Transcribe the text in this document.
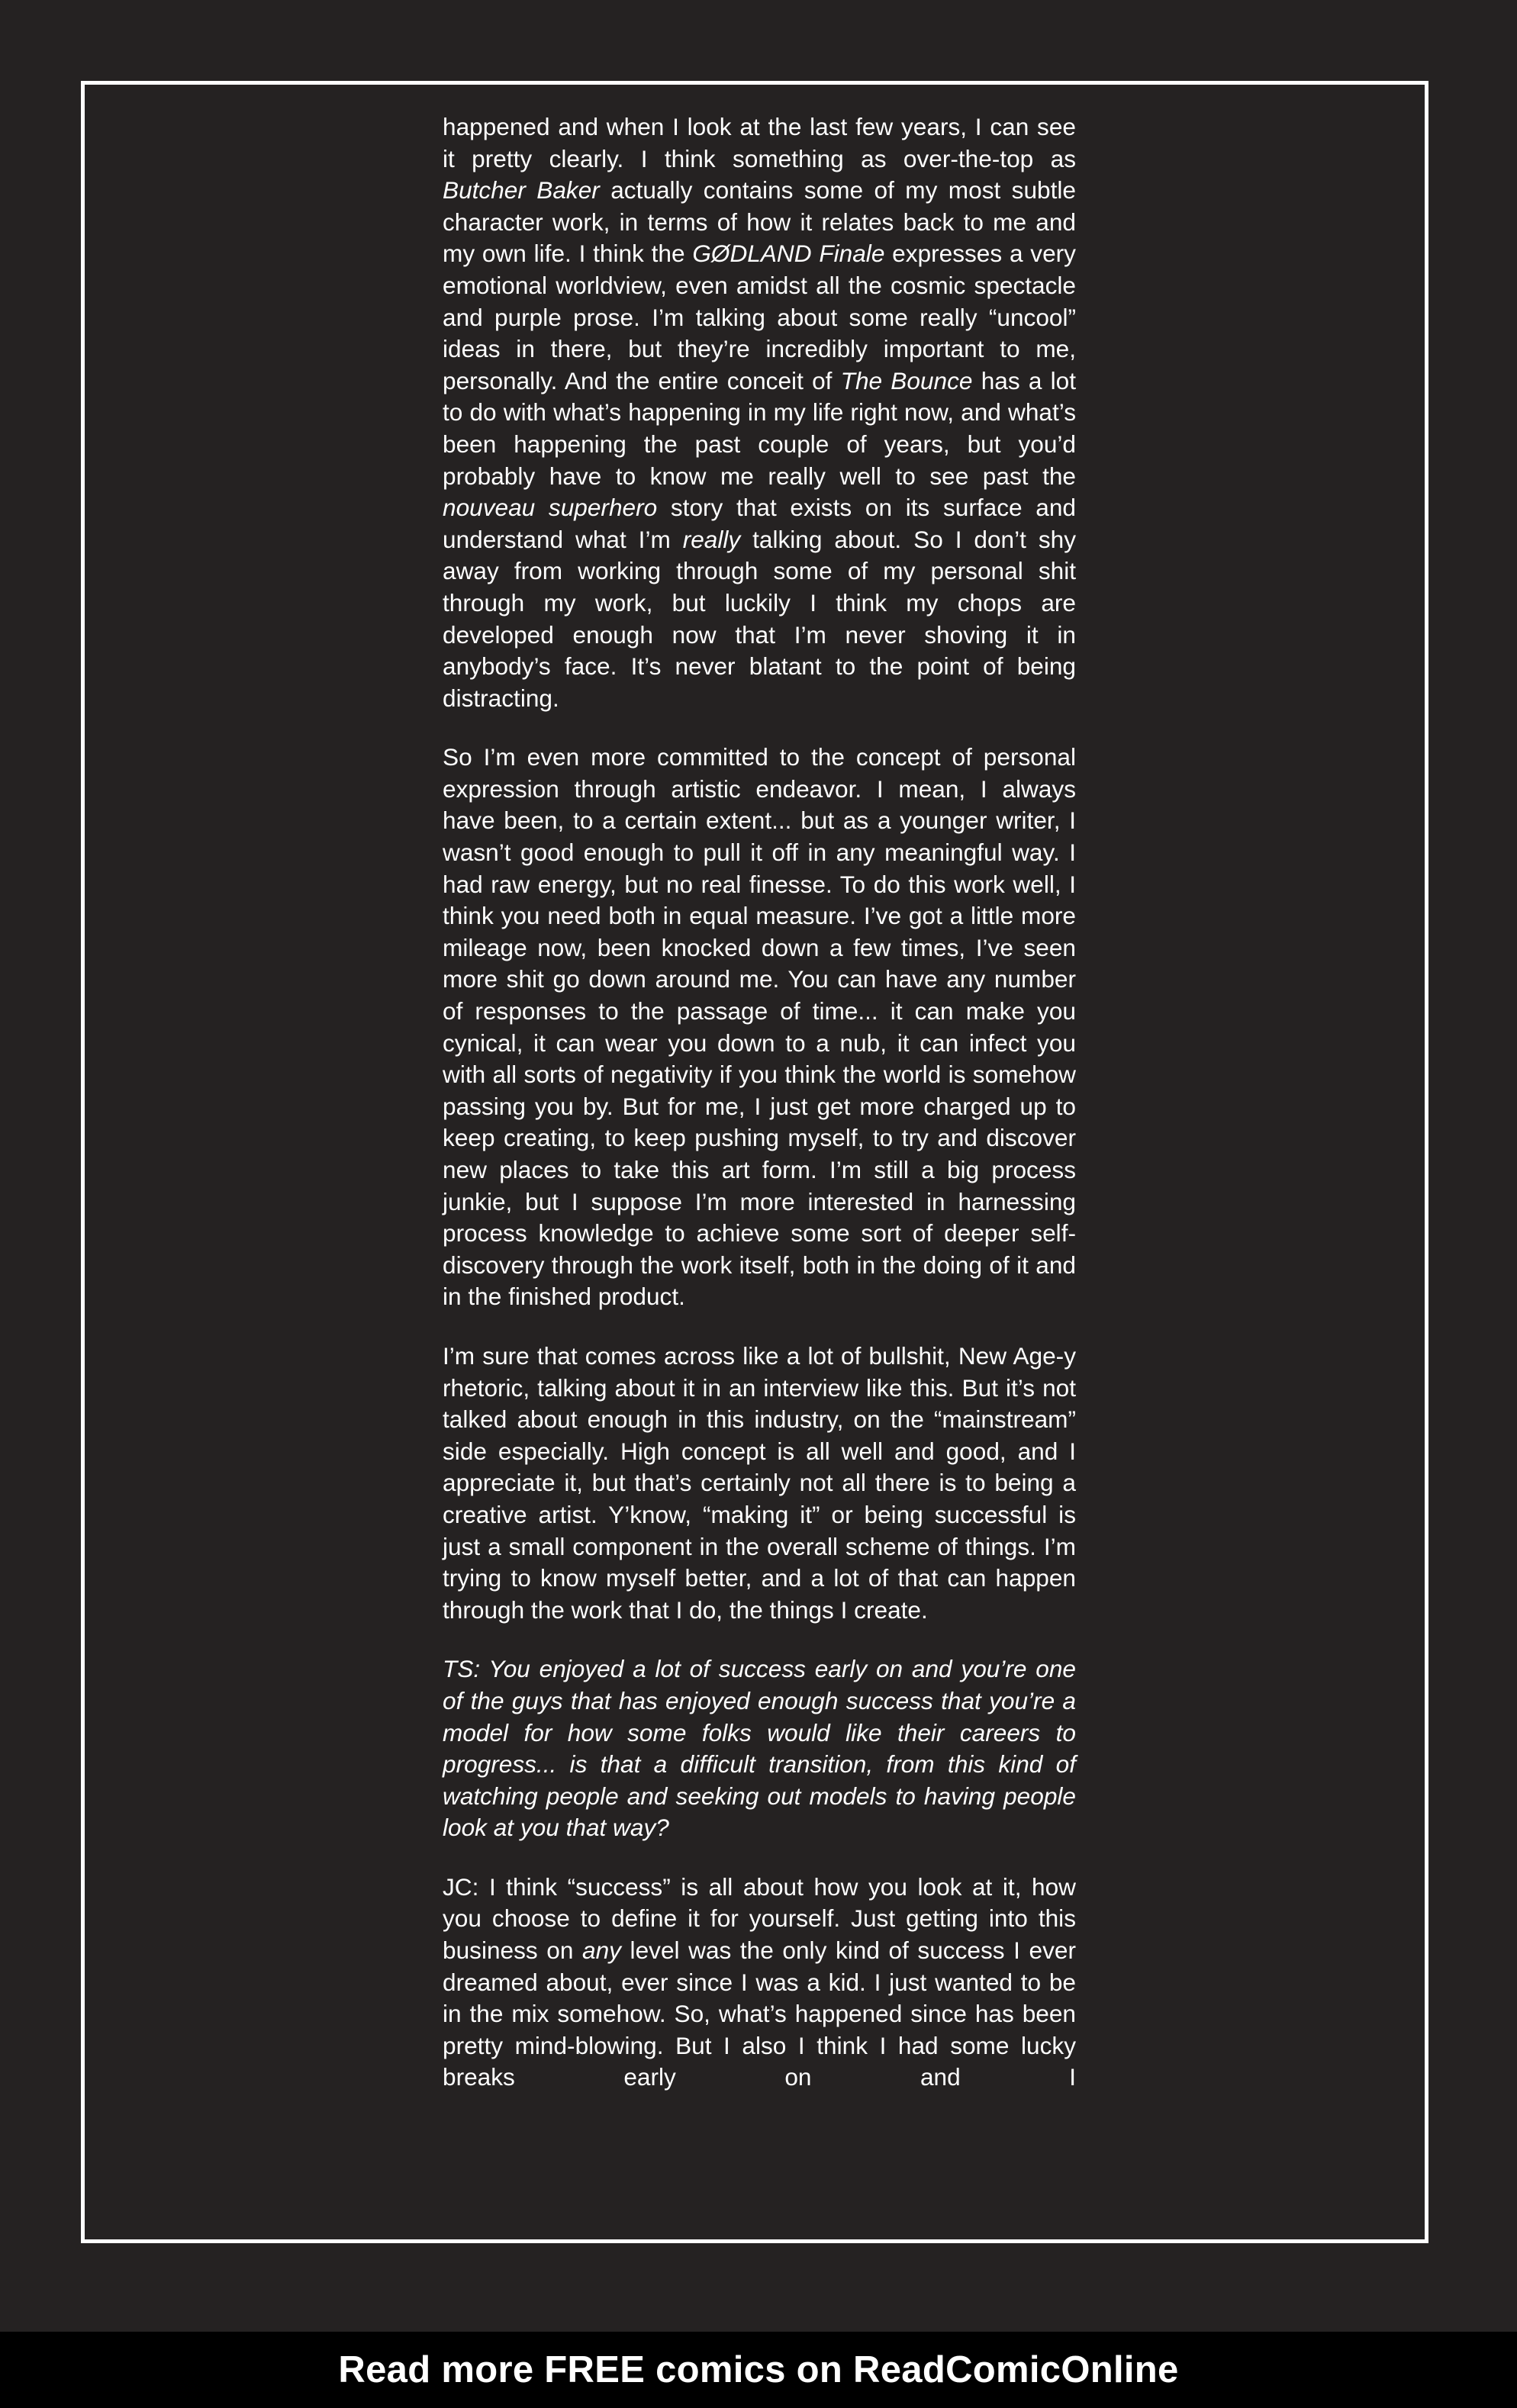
happened and when I look at the last few years, I can see it pretty clearly. I think something as over-the-top as Butcher Baker actually contains some of my most subtle character work, in terms of how it relates back to me and my own life. I think the GØDLAND Finale expresses a very emotional worldview, even amidst all the cosmic spectacle and purple prose. I’m talking about some really “uncool” ideas in there, but they’re incredibly important to me, personally. And the entire conceit of The Bounce has a lot to do with what’s happening in my life right now, and what’s been happening the past couple of years, but you’d probably have to know me really well to see past the nouveau superhero story that exists on its surface and understand what I’m really talking about. So I don’t shy away from working through some of my personal shit through my work, but luckily I think my chops are developed enough now that I’m never shoving it in anybody’s face. It’s never blatant to the point of being distracting.

So I’m even more committed to the concept of personal expression through artistic endeavor. I mean, I always have been, to a certain extent... but as a younger writer, I wasn’t good enough to pull it off in any meaningful way. I had raw energy, but no real finesse. To do this work well, I think you need both in equal measure. I’ve got a little more mileage now, been knocked down a few times, I’ve seen more shit go down around me. You can have any number of responses to the passage of time... it can make you cynical, it can wear you down to a nub, it can infect you with all sorts of negativity if you think the world is somehow passing you by. But for me, I just get more charged up to keep creating, to keep pushing myself, to try and discover new places to take this art form. I’m still a big process junkie, but I suppose I’m more interested in harnessing process knowledge to achieve some sort of deeper self-discovery through the work itself, both in the doing of it and in the finished product.

I’m sure that comes across like a lot of bullshit, New Age-y rhetoric, talking about it in an interview like this. But it’s not talked about enough in this industry, on the “mainstream” side especially. High concept is all well and good, and I appreciate it, but that’s certainly not all there is to being a creative artist. Y’know, “making it” or being successful is just a small component in the overall scheme of things. I’m trying to know myself better, and a lot of that can happen through the work that I do, the things I create.

TS: You enjoyed a lot of success early on and you’re one of the guys that has enjoyed enough success that you’re a model for how some folks would like their careers to progress... is that a difficult transition, from this kind of watching people and seeking out models to having people look at you that way?

JC: I think “success” is all about how you look at it, how you choose to define it for yourself. Just getting into this business on any level was the only kind of success I ever dreamed about, ever since I was a kid. I just wanted to be in the mix somehow. So, what’s happened since has been pretty mind-blowing. But I also I think I had some lucky breaks early on and I

Read more FREE comics on ReadComicOnline
